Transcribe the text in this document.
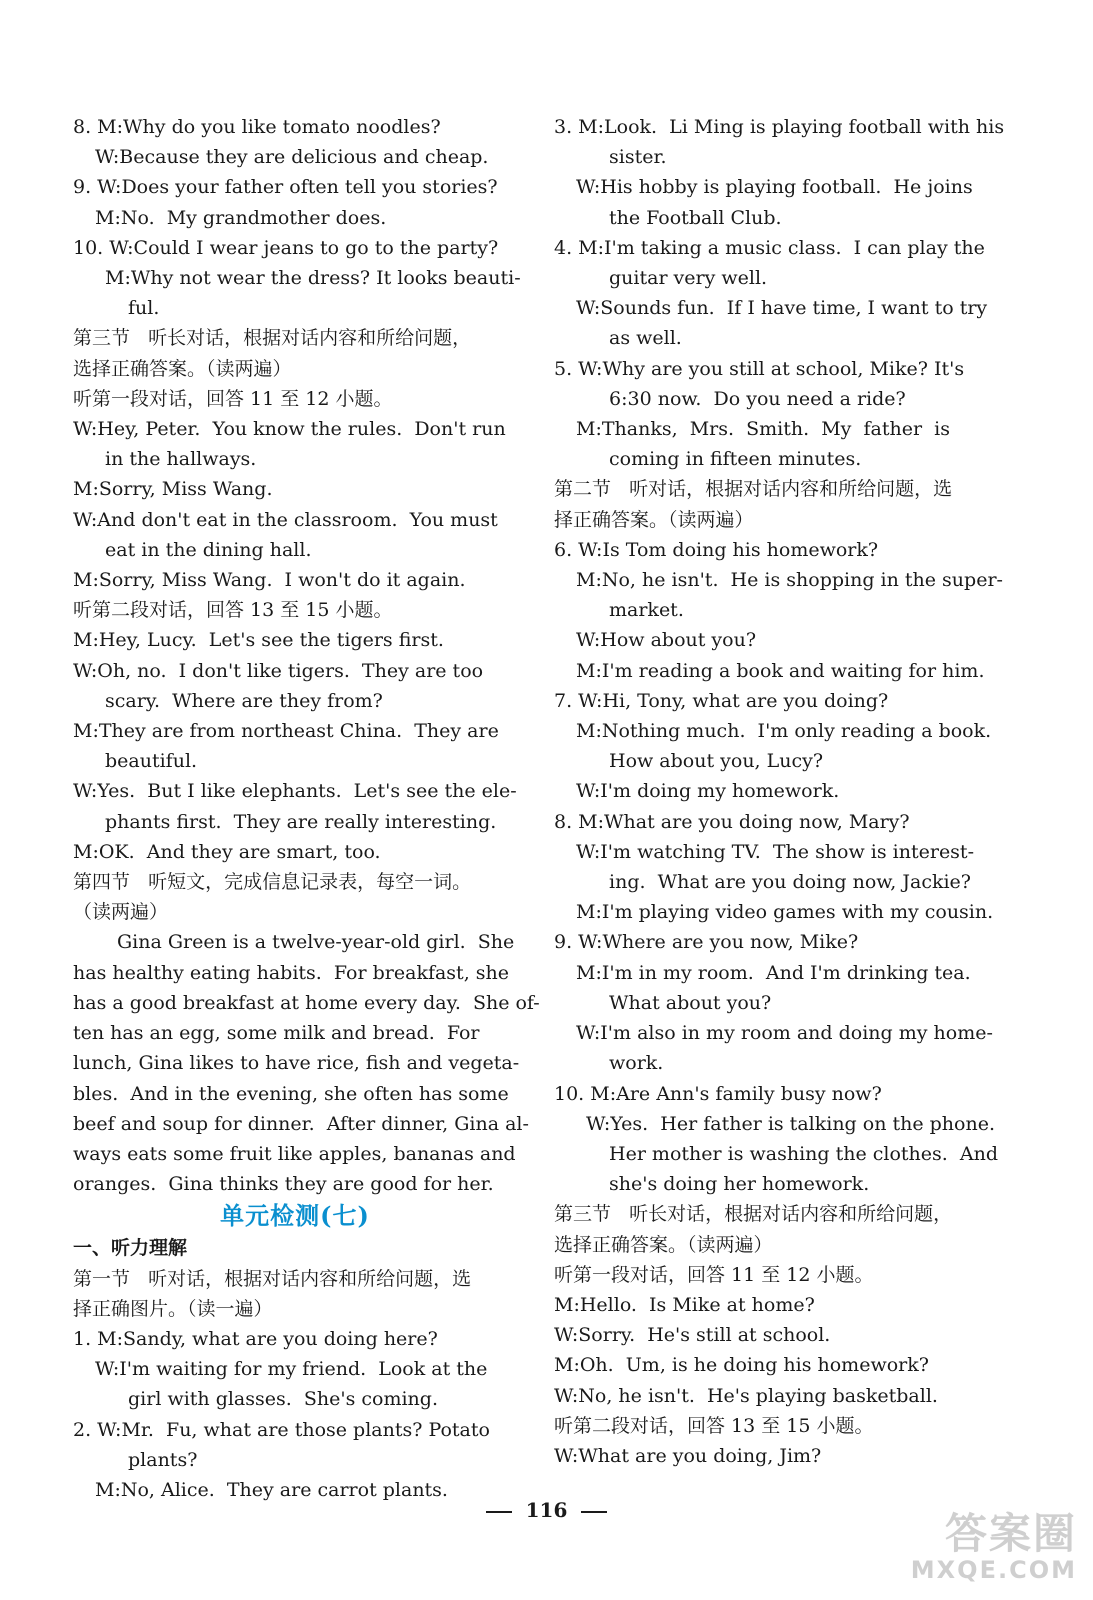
8. M:Why do you like tomato noodles?
W:Because they are delicious and cheap.
9. W:Does your father often tell you stories?
M:No.  My grandmother does.
10. W:Could I wear jeans to go to the party?
M:Why not wear the dress? It looks beauti-
ful.
第三节   听长对话，根据对话内容和所给问题，
选择正确答案。（读两遍）
听第一段对话，回答 11 至 12 小题。
W:Hey, Peter.  You know the rules.  Don't run
in the hallways.
M:Sorry, Miss Wang.
W:And don't eat in the classroom.  You must
eat in the dining hall.
M:Sorry, Miss Wang.  I won't do it again.
听第二段对话，回答 13 至 15 小题。
M:Hey, Lucy.  Let's see the tigers first.
W:Oh, no.  I don't like tigers.  They are too
scary.  Where are they from?
M:They are from northeast China.  They are
beautiful.
W:Yes.  But I like elephants.  Let's see the ele-
phants first.  They are really interesting.
M:OK.  And they are smart, too.
第四节   听短文，完成信息记录表，每空一词。
（读两遍）
Gina Green is a twelve-year-old girl.  She
has healthy eating habits.  For breakfast, she
has a good breakfast at home every day.  She of-
ten has an egg, some milk and bread.  For
lunch, Gina likes to have rice, fish and vegeta-
bles.  And in the evening, she often has some
beef and soup for dinner.  After dinner, Gina al-
ways eats some fruit like apples, bananas and
oranges.  Gina thinks they are good for her.
单元检测(七)
一、听力理解
第一节   听对话，根据对话内容和所给问题，选
择正确图片。（读一遍）
1. M:Sandy, what are you doing here?
W:I'm waiting for my friend.  Look at the
girl with glasses.  She's coming.
2. W:Mr.  Fu, what are those plants? Potato
plants?
M:No, Alice.  They are carrot plants.
3. M:Look.  Li Ming is playing football with his
sister.
W:His hobby is playing football.  He joins
the Football Club.
4. M:I'm taking a music class.  I can play the
guitar very well.
W:Sounds fun.  If I have time, I want to try
as well.
5. W:Why are you still at school, Mike? It's
6:30 now.  Do you need a ride?
M:Thanks,  Mrs.  Smith.  My  father  is
coming in fifteen minutes.
第二节   听对话，根据对话内容和所给问题，选
择正确答案。（读两遍）
6. W:Is Tom doing his homework?
M:No, he isn't.  He is shopping in the super-
market.
W:How about you?
M:I'm reading a book and waiting for him.
7. W:Hi, Tony, what are you doing?
M:Nothing much.  I'm only reading a book.
How about you, Lucy?
W:I'm doing my homework.
8. M:What are you doing now, Mary?
W:I'm watching TV.  The show is interest-
ing.  What are you doing now, Jackie?
M:I'm playing video games with my cousin.
9. W:Where are you now, Mike?
M:I'm in my room.  And I'm drinking tea.
What about you?
W:I'm also in my room and doing my home-
work.
10. M:Are Ann's family busy now?
W:Yes.  Her father is talking on the phone.
Her mother is washing the clothes.  And
she's doing her homework.
第三节   听长对话，根据对话内容和所给问题，
选择正确答案。（读两遍）
听第一段对话，回答 11 至 12 小题。
M:Hello.  Is Mike at home?
W:Sorry.  He's still at school.
M:Oh.  Um, is he doing his homework?
W:No, he isn't.  He's playing basketball.
听第二段对话，回答 13 至 15 小题。
W:What are you doing, Jim?
116	答案圈
MXQE.COM
